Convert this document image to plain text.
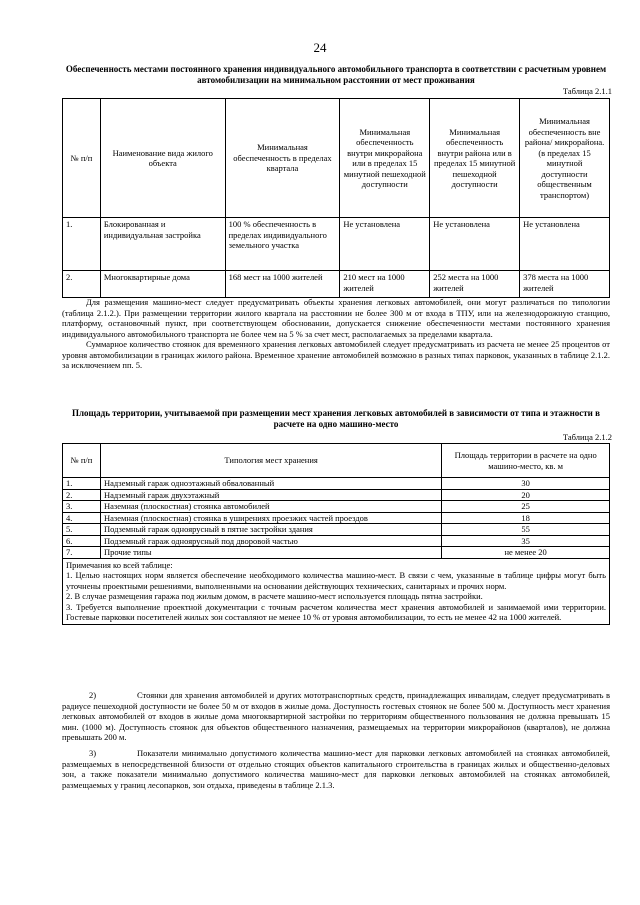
24
Обеспеченность местами постоянного хранения индивидуального автомобильного транспорта в соответствии с расчетным уровнем автомобилизации на минимальном расстоянии от мест проживания
Таблица 2.1.1
№ п/п	Наименование вида жилого объекта	Минимальная обеспеченность в пределах квартала	Минимальная обеспеченность внутри микрорайона или в пределах 15 минутной пешеходной доступности	Минимальная обеспеченность внутри района или в пределах 15 минутной пешеходной доступности	Минимальная обеспеченность вне района/ микрорайона. (в пределах 15 минутной доступности общественным транспортом)
1.	Блокированная и индивидуальная застройка	100 % обеспеченность в пределах индивидуального земельного участка	Не установлена	Не установлена	Не установлена
2.	Многоквартирные дома	168 мест на 1000 жителей	210 мест на 1000 жителей	252 места на 1000 жителей	378 места на 1000 жителей

Для размещения машино-мест следует предусматривать объекты хранения легковых автомобилей, они могут различаться по типологии (таблица 2.1.2.). При размещении территории жилого квартала на расстоянии не более 300 м от входа в ТПУ, или на железнодорожную станцию, платформу, остановочный пункт, при соответствующем обосновании, допускается снижение обеспеченности местами постоянного хранения индивидуального автомобильного транспорта не более чем на 5 % за счет мест, располагаемых за пределами квартала.

Суммарное количество стоянок для временного хранения легковых автомобилей следует предусматривать из расчета не менее 25 процентов от уровня автомобилизации в границах жилого района. Временное хранение автомобилей возможно в разных типах парковок, указанных в таблице 2.1.2. за исключением пп. 5.

Площадь территории, учитываемой при размещении мест хранения легковых автомобилей в зависимости от типа и этажности в расчете на одно машино-место
Таблица 2.1.2
№ п/п	Типология мест хранения	Площадь территории в расчете на одно машино-место, кв. м
1.	Надземный гараж одноэтажный обвалованный	30
2.	Надземный гараж двухэтажный	20
3.	Наземная (плоскостная) стоянка автомобилей	25
4.	Наземная (плоскостная) стоянка в уширениях проезжих частей проездов	18
5.	Подземный гараж одноярусный в пятне застройки здания	55
6.	Подземный гараж одноярусный под дворовой частью	35
7.	Прочие типы	не менее 20

Примечания ко всей таблице:

1. Целью настоящих норм является обеспечение необходимого количества машино-мест. В связи с чем, указанные в таблице цифры могут быть уточнены проектными решениями, выполненными на основании действующих технических, санитарных и прочих норм.

2. В случае размещения гаража под жилым домом, в расчете машино-мест используется площадь пятна застройки.

3. Требуется выполнение проектной документации с точным расчетом количества мест хранения автомобилей и занимаемой ими территории. Гостевые парковки посетителей жилых зон составляют не менее 10 % от уровня автомобилизации, то есть не менее 42 на 1000 жителей.		

2)	Стоянки для хранения автомобилей и других мототранспортных средств, принадлежащих инвалидам, следует предусматривать в радиусе пешеходной доступности не более 50 м от входов в жилые дома. Доступность гостевых стоянок не более 500 м. Доступность мест хранения легковых автомобилей от входов в жилые дома многоквартирной застройки по территориям общественного пользования не должна превышать 15 мин. (1000 м). Доступность стоянок для объектов общественного назначения, размещаемых на территории микрорайонов (кварталов), не должна превышать 200 м.

3)	Показатели минимально допустимого количества машино-мест для парковки легковых автомобилей на стоянках автомобилей, размещаемых в непосредственной близости от отдельно стоящих объектов капитального строительства в границах жилых и общественно-деловых зон, а также показатели минимально допустимого количества машино-мест для парковки легковых автомобилей на стоянках автомобилей, размещаемых у границ лесопарков, зон отдыха, приведены в таблице 2.1.3.
